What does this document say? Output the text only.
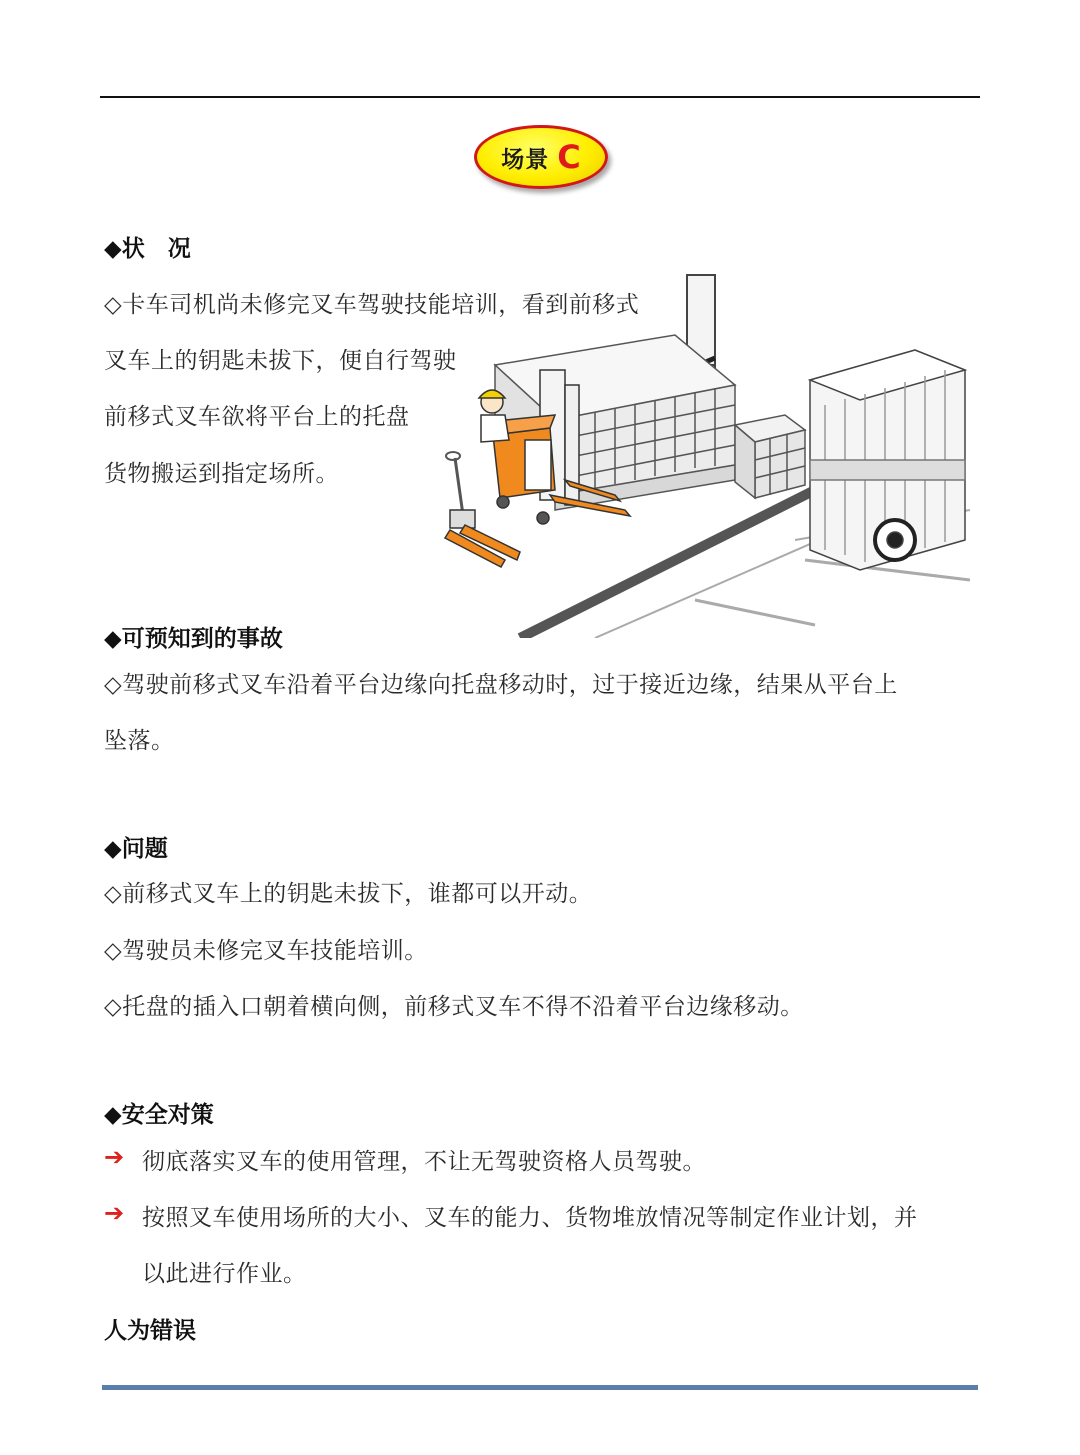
场景 C
◆状　况
◇卡车司机尚未修完叉车驾驶技能培训，看到前移式
叉车上的钥匙未拔下，便自行驾驶
前移式叉车欲将平台上的托盘
货物搬运到指定场所。
◆可预知到的事故
◇驾驶前移式叉车沿着平台边缘向托盘移动时，过于接近边缘，结果从平台上
坠落。
◆问题
◇前移式叉车上的钥匙未拔下，谁都可以开动。
◇驾驶员未修完叉车技能培训。
◇托盘的插入口朝着横向侧，前移式叉车不得不沿着平台边缘移动。
◆安全对策
➔ 彻底落实叉车的使用管理，不让无驾驶资格人员驾驶。
➔ 按照叉车使用场所的大小、叉车的能力、货物堆放情况等制定作业计划，并
以此进行作业。
人为错误
